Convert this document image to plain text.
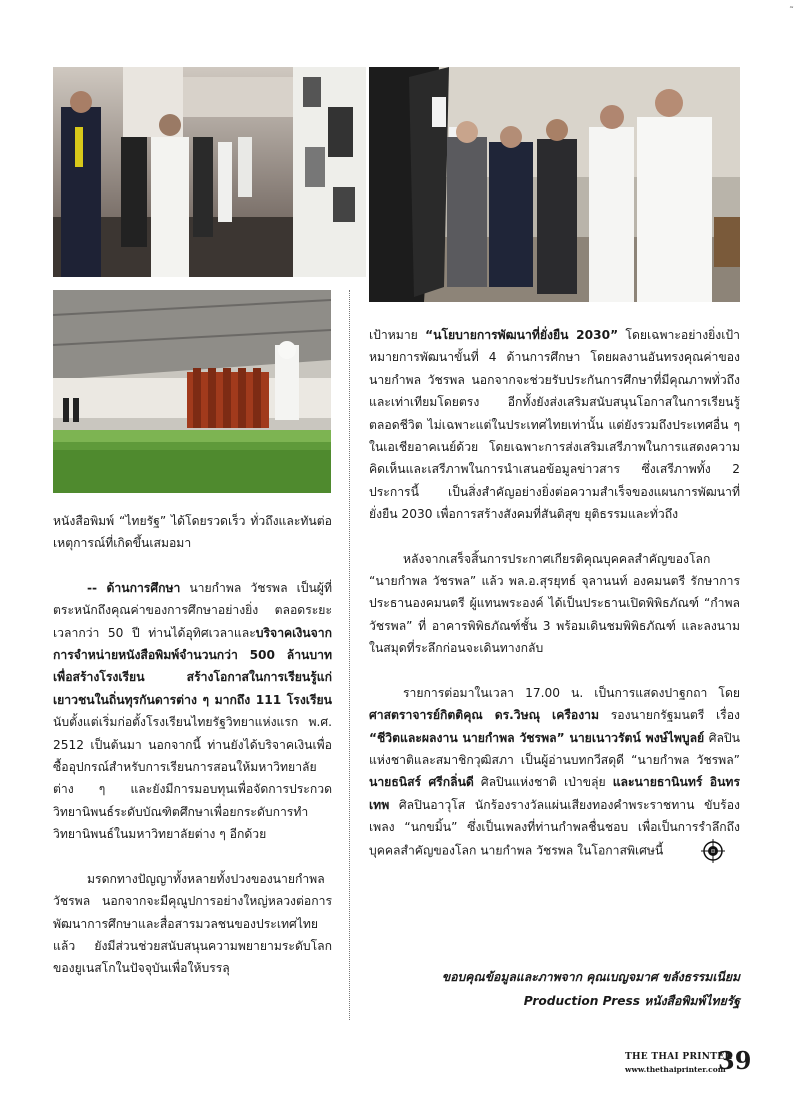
˜

หนังสือพิมพ์ “ไทยรัฐ” ได้โดยรวดเร็ว ทั่วถึงและทันต่อเหตุการณ์ที่เกิดขึ้นเสมอมา

-- ด้านการศึกษา นายกำพล วัชรพล เป็นผู้ที่ตระหนักถึงคุณค่าของการศึกษาอย่างยิ่ง ตลอดระยะเวลากว่า 50 ปี ท่านได้อุทิศเวลาและบริจาคเงินจากการจำหน่ายหนังสือพิมพ์จำนวนกว่า 500 ล้านบาท เพื่อสร้างโรงเรียน สร้างโอกาสในการเรียนรู้แก่เยาวชนในถิ่นทุรกันดารต่าง ๆ มากถึง 111 โรงเรียน นับตั้งแต่เริ่มก่อตั้งโรงเรียนไทยรัฐวิทยาแห่งแรก พ.ศ. 2512 เป็นต้นมา นอกจากนี้ ท่านยังได้บริจาคเงินเพื่อซื้ออุปกรณ์สำหรับการเรียนการสอนให้มหาวิทยาลัยต่าง ๆ และยังมีการมอบทุนเพื่อจัดการประกวดวิทยานิพนธ์ระดับบัณฑิตศึกษาเพื่อยกระดับการทำวิทยานิพนธ์ในมหาวิทยาลัยต่าง ๆ อีกด้วย

มรดกทางปัญญาทั้งหลายทั้งปวงของนายกำพล วัชรพล นอกจากจะมีคุณูปการอย่างใหญ่หลวงต่อการพัฒนาการศึกษาและสื่อสารมวลชนของประเทศไทยแล้ว ยังมีส่วนช่วยสนับสนุนความพยายามระดับโลกของยูเนสโกในปัจจุบันเพื่อให้บรรลุ

เป้าหมาย “นโยบายการพัฒนาที่ยั่งยืน 2030” โดยเฉพาะอย่างยิ่งเป้าหมายการพัฒนาขั้นที่ 4 ด้านการศึกษา โดยผลงานอันทรงคุณค่าของนายกำพล วัชรพล นอกจากจะช่วยรับประกันการศึกษาที่มีคุณภาพทั่วถึงและเท่าเทียมโดยตรง อีกทั้งยังส่งเสริมสนับสนุนโอกาสในการเรียนรู้ตลอดชีวิต ไม่เฉพาะแต่ในประเทศไทยเท่านั้น แต่ยังรวมถึงประเทศอื่น ๆ ในเอเชียอาคเนย์ด้วย โดยเฉพาะการส่งเสริมเสรีภาพในการแสดงความคิดเห็นและเสรีภาพในการนำเสนอข้อมูลข่าวสาร ซึ่งเสรีภาพทั้ง 2 ประการนี้ เป็นสิ่งสำคัญอย่างยิ่งต่อความสำเร็จของแผนการพัฒนาที่ยั่งยืน 2030 เพื่อการสร้างสังคมที่สันติสุข ยุติธรรมและทั่วถึง

หลังจากเสร็จสิ้นการประกาศเกียรติคุณบุคคลสำคัญของโลก “นายกำพล วัชรพล” แล้ว พล.อ.สุรยุทธ์ จุลานนท์ องคมนตรี รักษาการประธานองคมนตรี ผู้แทนพระองค์ ได้เป็นประธานเปิดพิพิธภัณฑ์ “กำพล วัชรพล” ที่ อาคารพิพิธภัณฑ์ชั้น 3 พร้อมเดินชมพิพิธภัณฑ์ และลงนามในสมุดที่ระลึกก่อนจะเดินทางกลับ

รายการต่อมาในเวลา 17.00 น. เป็นการแสดงปาฐกถา โดย ศาสตราจารย์กิตติคุณ ดร.วิษณุ เครืองาม รองนายกรัฐมนตรี เรื่อง “ชีวิตและผลงาน นายกำพล วัชรพล” นายเนาวรัตน์ พงษ์ไพบูลย์ ศิลปินแห่งชาติและสมาชิกวุฒิสภา เป็นผู้อ่านบทกวีสดุดี “นายกำพล วัชรพล” นายธนิสร์ ศรีกลิ่นดี ศิลปินแห่งชาติ เป่าขลุ่ย และนายธานินทร์ อินทรเทพ ศิลปินอาวุโส นักร้องรางวัลแผ่นเสียงทองคำพระราชทาน ขับร้องเพลง “นกขมิ้น” ซึ่งเป็นเพลงที่ท่านกำพลชื่นชอบ เพื่อเป็นการรำลึกถึงบุคคลสำคัญของโลก นายกำพล วัชรพล ในโอกาสพิเศษนี้

ขอบคุณข้อมูลและภาพจาก คุณเบญจมาศ ขลังธรรมเนียม
Production Press หนังสือพิมพ์ไทยรัฐ
THE THAI PRINTER
www.thethaiprinter.com
39
